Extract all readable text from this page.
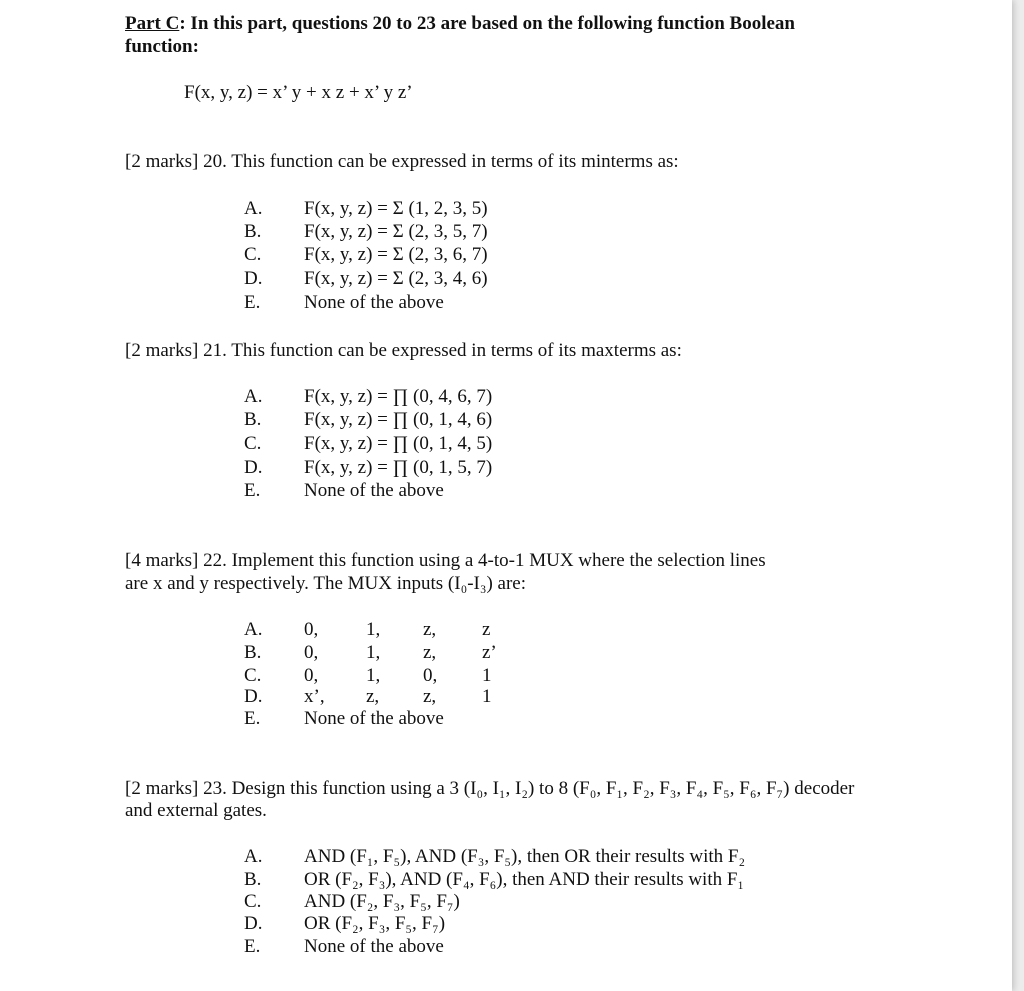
Part C: In this part, questions 20 to 23 are based on the following function Boolean
function:
F(x, y, z) = x’ y + x z + x’ y z’
[2 marks] 20. This function can be expressed in terms of its minterms as:
A. F(x, y, z) = Σ (1, 2, 3, 5)
B. F(x, y, z) = Σ (2, 3, 5, 7)
C. F(x, y, z) = Σ (2, 3, 6, 7)
D. F(x, y, z) = Σ (2, 3, 4, 6)
E. None of the above
[2 marks] 21. This function can be expressed in terms of its maxterms as:
A. F(x, y, z) = ∏ (0, 4, 6, 7)
B. F(x, y, z) = ∏ (0, 1, 4, 6)
C. F(x, y, z) = ∏ (0, 1, 4, 5)
D. F(x, y, z) = ∏ (0, 1, 5, 7)
E. None of the above
[4 marks] 22. Implement this function using a 4-to-1 MUX where the selection lines
are x and y respectively. The MUX inputs (I₀-I₃) are:
A. 0,	1, z, z
B. 0,	1, z, z’
C. 0,	1, 0, 1
D. x’, z, z, 1
E. None of the above
[2 marks] 23. Design this function using a 3 (I₀, I₁, I₂) to 8 (F₀, F₁, F₂, F₃, F₄, F₅, F₆, F₇) decoder
and external gates.
A. AND (F₁, F₅), AND (F₃, F₅), then OR their results with F₂
B. OR (F₂, F₃), AND (F₄, F₆), then AND their results with F₁
C. AND (F₂, F₃, F₅, F₇)
D. OR (F₂, F₃, F₅, F₇)
E. None of the above
